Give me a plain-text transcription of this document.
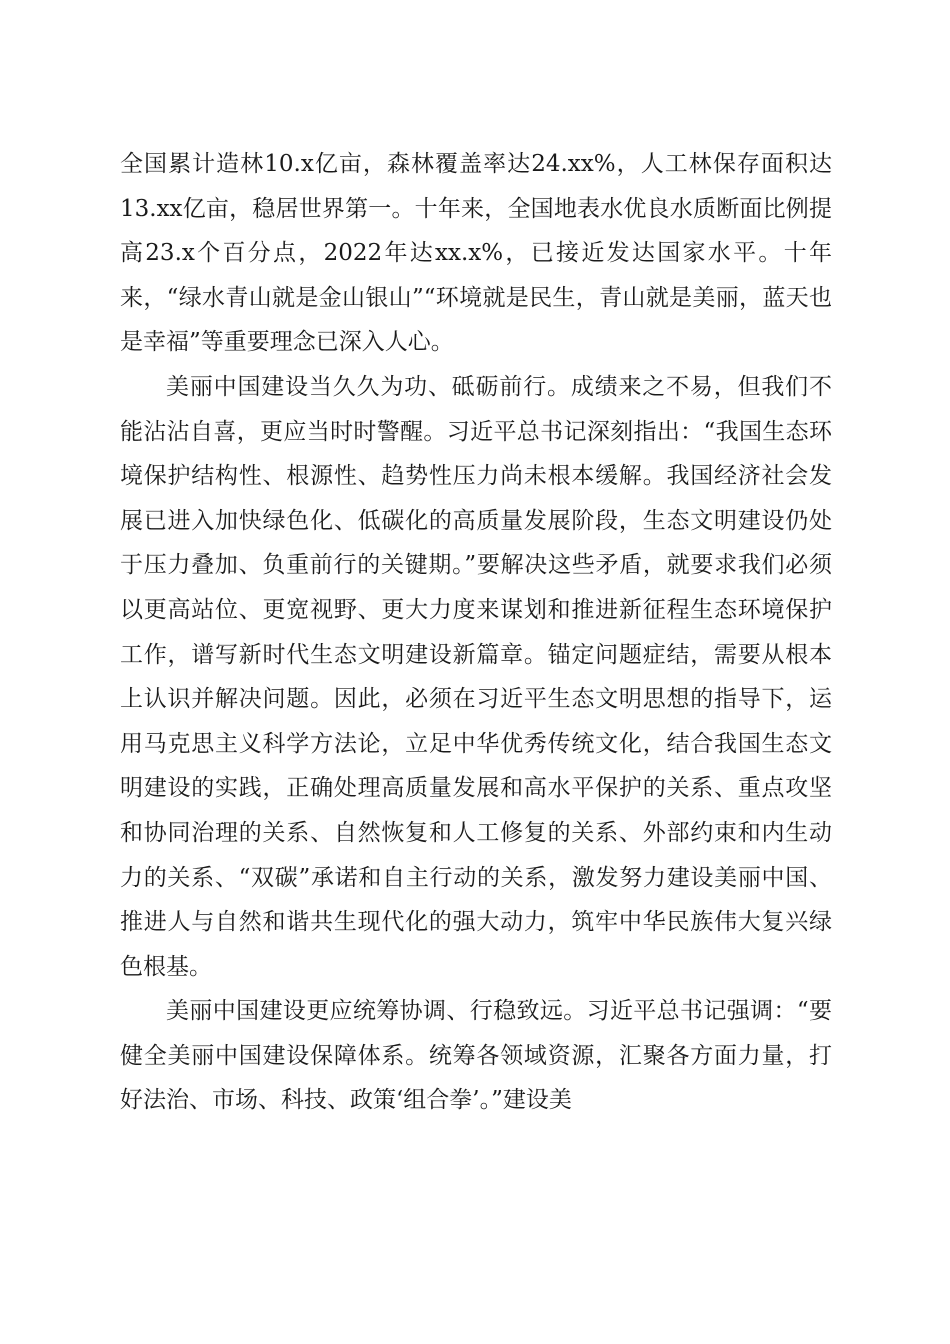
全国累计造林10.x亿亩，森林覆盖率达24.xx%，人工林保存面积达13.xx亿亩，稳居世界第一。十年来，全国地表水优良水质断面比例提高23.x个百分点，2022年达xx.x%，已接近发达国家水平。十年来，“绿水青山就是金山银山”“环境就是民生，青山就是美丽，蓝天也是幸福”等重要理念已深入人心。

美丽中国建设当久久为功、砥砺前行。成绩来之不易，但我们不能沾沾自喜，更应当时时警醒。习近平总书记深刻指出：“我国生态环境保护结构性、根源性、趋势性压力尚未根本缓解。我国经济社会发展已进入加快绿色化、低碳化的高质量发展阶段，生态文明建设仍处于压力叠加、负重前行的关键期。”要解决这些矛盾，就要求我们必须以更高站位、更宽视野、更大力度来谋划和推进新征程生态环境保护工作，谱写新时代生态文明建设新篇章。锚定问题症结，需要从根本上认识并解决问题。因此，必须在习近平生态文明思想的指导下，运用马克思主义科学方法论，立足中华优秀传统文化，结合我国生态文明建设的实践，正确处理高质量发展和高水平保护的关系、重点攻坚和协同治理的关系、自然恢复和人工修复的关系、外部约束和内生动力的关系、“双碳”承诺和自主行动的关系，激发努力建设美丽中国、推进人与自然和谐共生现代化的强大动力，筑牢中华民族伟大复兴绿色根基。

美丽中国建设更应统筹协调、行稳致远。习近平总书记强调：“要健全美丽中国建设保障体系。统筹各领域资源，汇聚各方面力量，打好法治、市场、科技、政策‘组合拳’。”建设美
